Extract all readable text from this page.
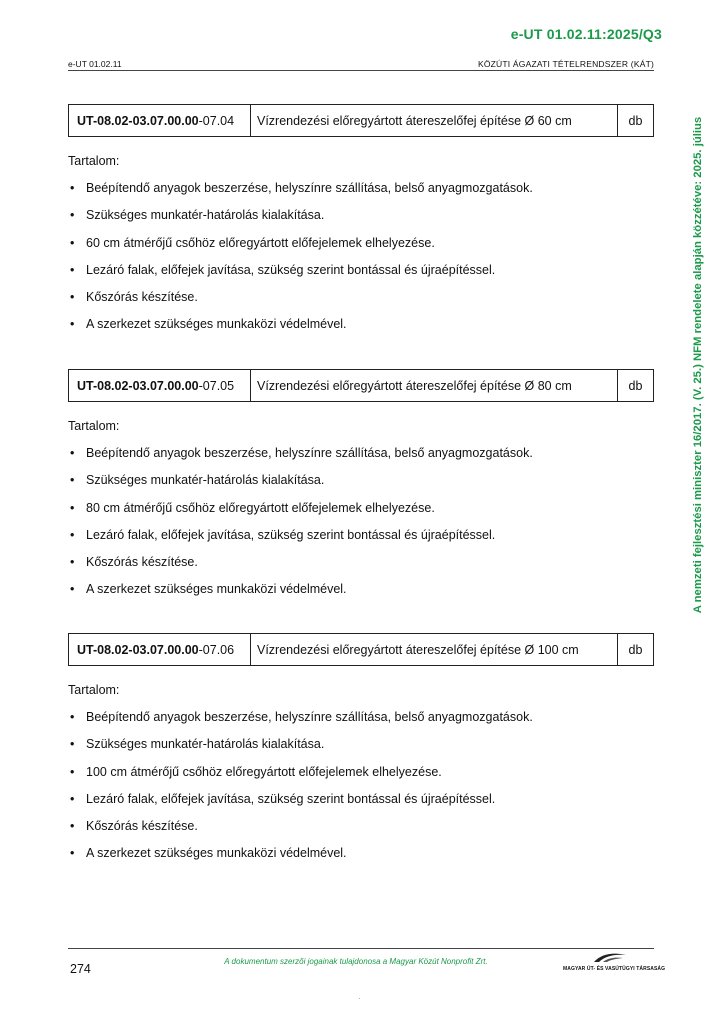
e-UT 01.02.11:2025/Q3
e-UT 01.02.11	KÖZÚTI ÁGAZATI TÉTELRENDSZER (KÁT)
A nemzeti fejlesztési miniszter 16/2017. (V. 25.) NFM rendelete alapján közzétéve: 2025. július
UT-08.02-03.07.00.00 -07.04	Vízrendezési előregyártott átereszelőfej építése Ø 60 cm	db
Tartalom:
• Beépítendő anyagok beszerzése, helyszínre szállítása, belső anyagmozgatások.
• Szükséges munkatér-határolás kialakítása.
• 60 cm átmérőjű csőhöz előregyártott előfejelemek elhelyezése.
• Lezáró falak, előfejek javítása, szükség szerint bontással és újraépítéssel.
• Kőszórás készítése.
• A szerkezet szükséges munkaközi védelmével.
UT-08.02-03.07.00.00 -07.05	Vízrendezési előregyártott átereszelőfej építése Ø 80 cm	db
Tartalom:
• Beépítendő anyagok beszerzése, helyszínre szállítása, belső anyagmozgatások.
• Szükséges munkatér-határolás kialakítása.
• 80 cm átmérőjű csőhöz előregyártott előfejelemek elhelyezése.
• Lezáró falak, előfejek javítása, szükség szerint bontással és újraépítéssel.
• Kőszórás készítése.
• A szerkezet szükséges munkaközi védelmével.
UT-08.02-03.07.00.00 -07.06	Vízrendezési előregyártott átereszelőfej építése Ø 100 cm	db
Tartalom:
• Beépítendő anyagok beszerzése, helyszínre szállítása, belső anyagmozgatások.
• Szükséges munkatér-határolás kialakítása.
• 100 cm átmérőjű csőhöz előregyártott előfejelemek elhelyezése.
• Lezáró falak, előfejek javítása, szükség szerint bontással és újraépítéssel.
• Kőszórás készítése.
• A szerkezet szükséges munkaközi védelmével.
274
A dokumentum szerzői jogainak tulajdonosa a Magyar Közút Nonprofit Zrt.
MAGYAR ÚT- ÉS VASÚTÜGYI TÁRSASÁG
·
